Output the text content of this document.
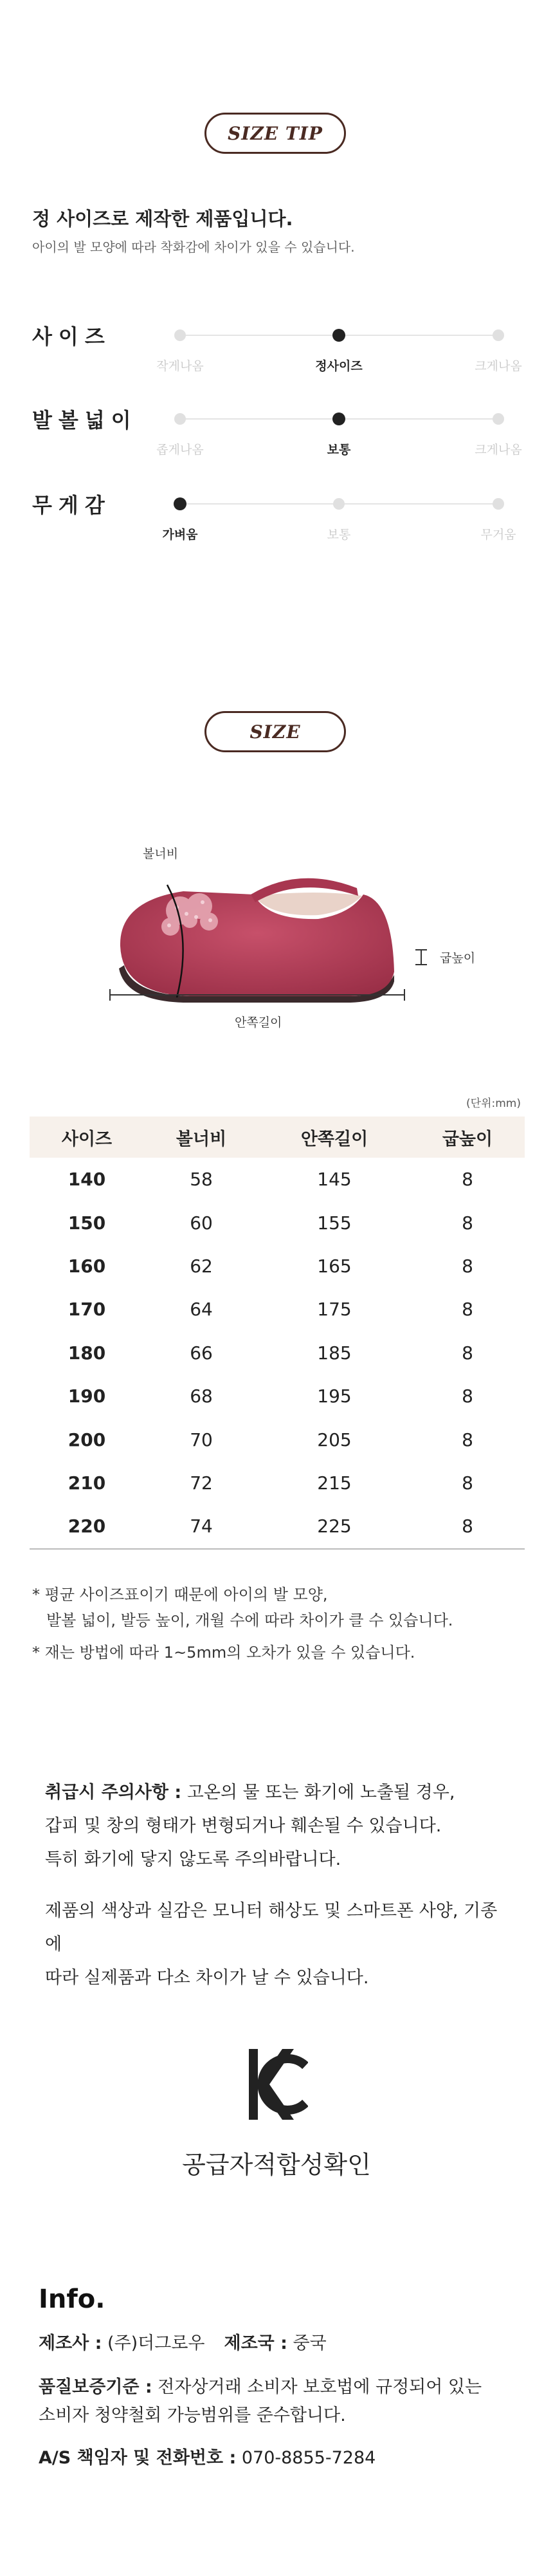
SIZE TIP
정 사이즈로 제작한 제품입니다.
아이의 발 모양에 따라 착화감에 차이가 있을 수 있습니다.
사이즈
작게나옴	정사이즈	크게나옴
발볼넓이
좁게나옴	보통	크게나옴
무게감
가벼움	보통	무거움
SIZE
볼너비
안쪽길이
굽높이
(단위:mm)
사이즈	볼너비	안쪽길이	굽높이
140	58	145	8
150	60	155	8
160	62	165	8
170	64	175	8
180	66	185	8
190	68	195	8
200	70	205	8
210	72	215	8
220	74	225	8
* 평균 사이즈표이기 때문에 아이의 발 모양,
발볼 넓이, 발등 높이, 개월 수에 따라 차이가 클 수 있습니다.
* 재는 방법에 따라 1~5mm의 오차가 있을 수 있습니다.
취급시 주의사항 : 고온의 물 또는 화기에 노출될 경우,
갑피 및 창의 형태가 변형되거나 훼손될 수 있습니다.
특히 화기에 닿지 않도록 주의바랍니다.
제품의 색상과 실감은 모니터 해상도 및 스마트폰 사양, 기종에
따라 실제품과 다소 차이가 날 수 있습니다.
공급자적합성확인
Info.
제조사 : (주)더그로우 제조국 : 중국
품질보증기준 : 전자상거래 소비자 보호법에 규정되어 있는
소비자 청약철회 가능범위를 준수합니다.
A/S 책임자 및 전화번호 : 070-8855-7284
